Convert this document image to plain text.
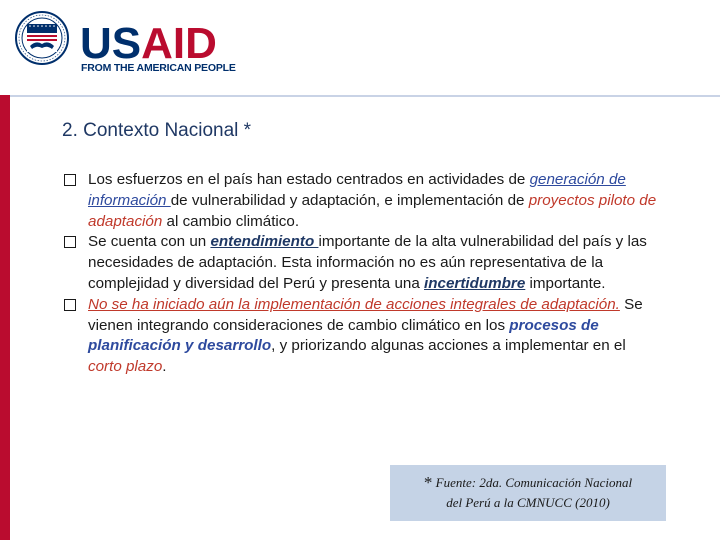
USAID
FROM THE AMERICAN PEOPLE
2. Contexto Nacional *
Los esfuerzos en el país han estado centrados en actividades de generación de información de vulnerabilidad y adaptación, e implementación de proyectos piloto de adaptación al cambio climático.
Se cuenta con un entendimiento importante de la alta vulnerabilidad del país y las necesidades de adaptación. Esta información no es aún representativa de la complejidad y diversidad del Perú y presenta una incertidumbre importante.
No se ha iniciado aún la implementación de acciones integrales de adaptación. Se vienen integrando consideraciones de cambio climático en los procesos de planificación y desarrollo, y priorizando algunas acciones a implementar en el corto plazo.
* Fuente: 2da. Comunicación Nacional
del Perú a la CMNUCC (2010)
